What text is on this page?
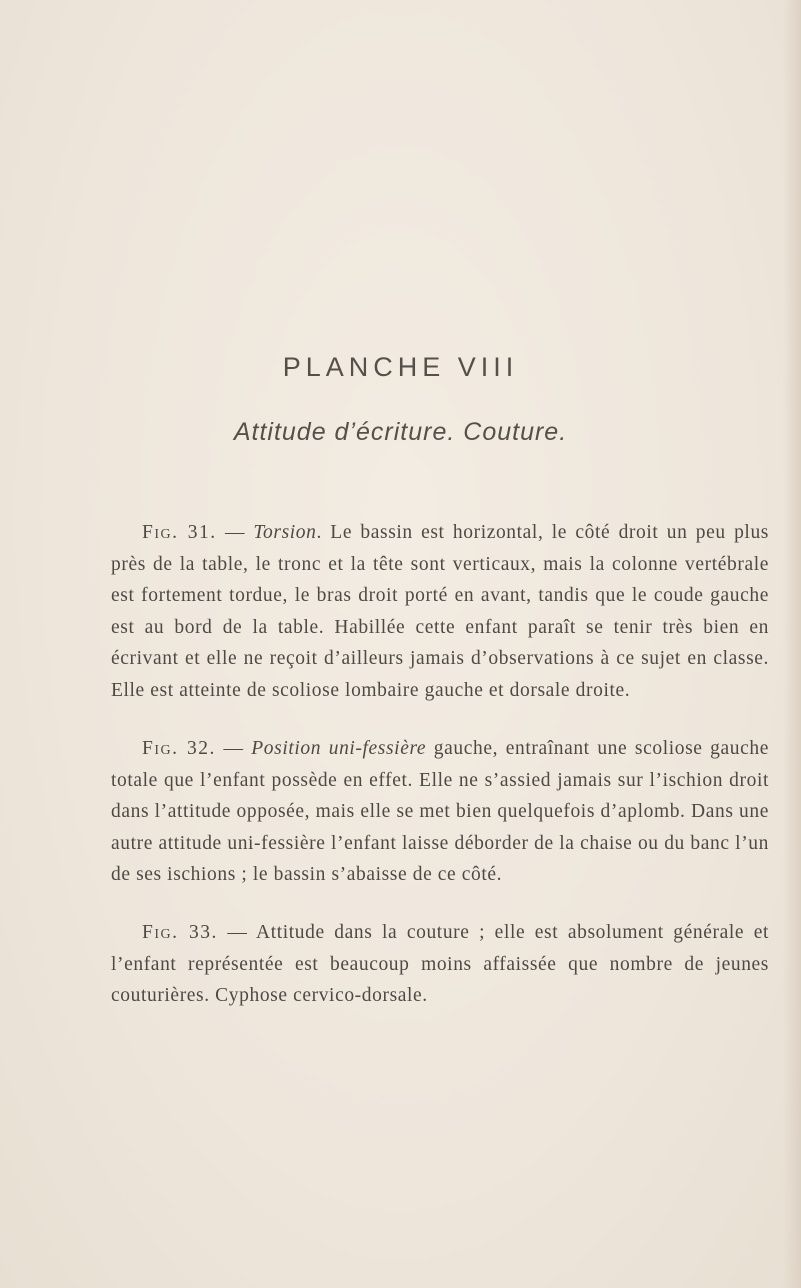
PLANCHE VIII
Attitude d’écriture. Couture.

Fig. 31. — Torsion. Le bassin est horizontal, le côté droit un peu plus près de la table, le tronc et la tête sont verticaux, mais la colonne vertébrale est fortement tordue, le bras droit porté en avant, tandis que le coude gauche est au bord de la table. Habillée cette enfant paraît se tenir très bien en écrivant et elle ne reçoit d’ailleurs jamais d’observations à ce sujet en classe. Elle est atteinte de scoliose lombaire gauche et dorsale droite.

Fig. 32. — Position uni-fessière gauche, entraînant une scoliose gauche totale que l’enfant possède en effet. Elle ne s’assied jamais sur l’ischion droit dans l’attitude opposée, mais elle se met bien quelquefois d’aplomb. Dans une autre attitude uni-fessière l’enfant laisse déborder de la chaise ou du banc l’un de ses ischions ; le bassin s’abaisse de ce côté.

Fig. 33. — Attitude dans la couture ; elle est absolument générale et l’enfant représentée est beaucoup moins affaissée que nombre de jeunes couturières. Cyphose cervico-dorsale.
